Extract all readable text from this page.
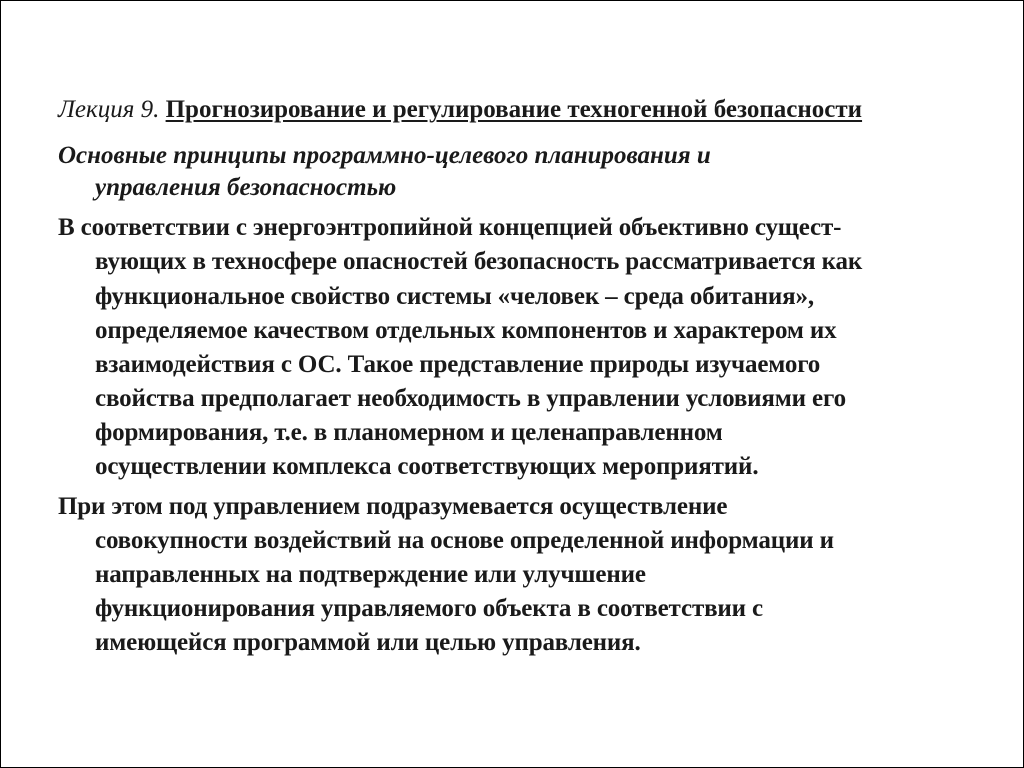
Лекция 9. Прогнозирование и регулирование техногенной безопасности
Основные принципы программно-целевого планирования и
управления безопасностью
В соответствии с энергоэнтропийной концепцией объективно сущест-
вующих в техносфере опасностей безопасность рассматривается как
функциональное свойство системы «человек – среда обитания»,
определяемое качеством отдельных компонентов и характером их
взаимодействия с ОС. Такое представление природы изучаемого
свойства предполагает необходимость в управлении условиями его
формирования, т.е. в планомерном и целенаправленном
осуществлении комплекса соответствующих мероприятий.
При этом под управлением подразумевается осуществление
совокупности воздействий на основе определенной информации и
направленных на подтверждение или улучшение
функционирования управляемого объекта в соответствии с
имеющейся программой или целью управления.
